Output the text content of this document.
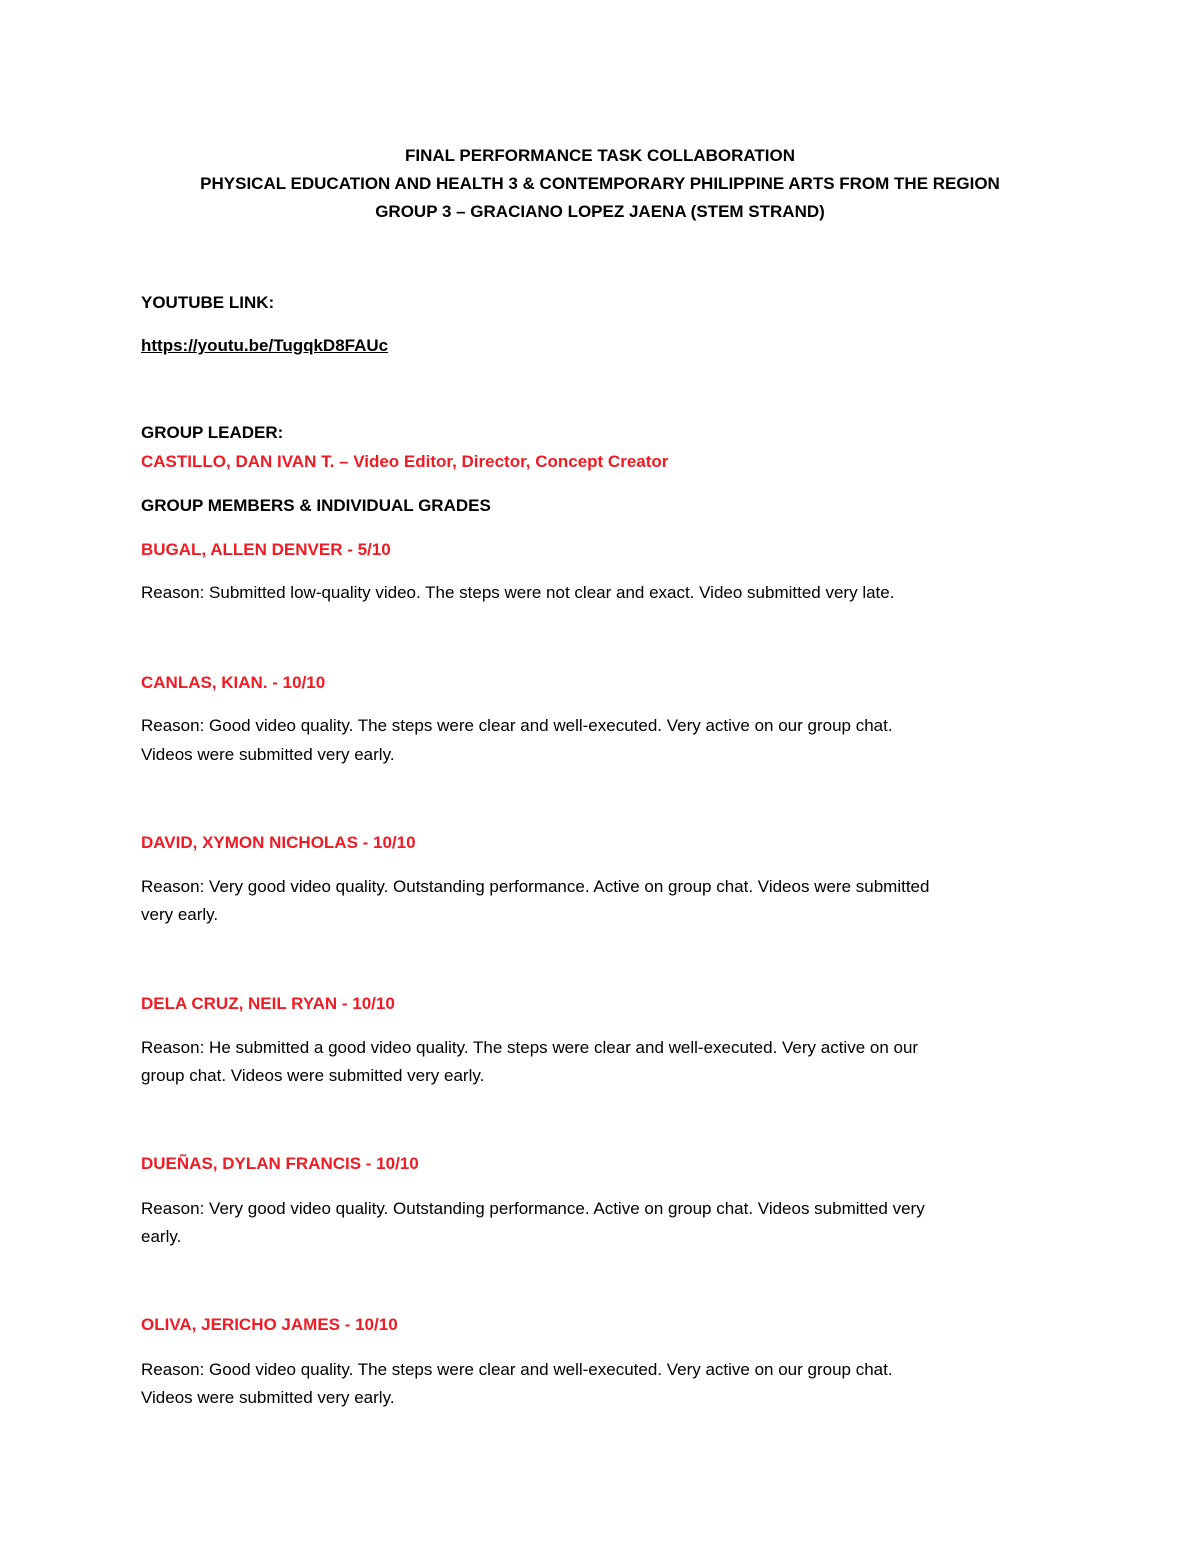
FINAL PERFORMANCE TASK COLLABORATION

PHYSICAL EDUCATION AND HEALTH 3 & CONTEMPORARY PHILIPPINE ARTS FROM THE REGION

GROUP 3 – GRACIANO LOPEZ JAENA (STEM STRAND)

YOUTUBE LINK:

https://youtu.be/TugqkD8FAUc

GROUP LEADER:

CASTILLO, DAN IVAN T. – Video Editor, Director, Concept Creator

GROUP MEMBERS & INDIVIDUAL GRADES

BUGAL, ALLEN DENVER - 5/10

Reason: Submitted low-quality video. The steps were not clear and exact. Video submitted very late.

CANLAS, KIAN. - 10/10

Reason: Good video quality. The steps were clear and well-executed. Very active on our group chat.

Videos were submitted very early.

DAVID, XYMON NICHOLAS - 10/10

Reason: Very good video quality. Outstanding performance. Active on group chat. Videos were submitted

very early.

DELA CRUZ, NEIL RYAN - 10/10

Reason: He submitted a good video quality. The steps were clear and well-executed. Very active on our

group chat. Videos were submitted very early.

DUEÑAS, DYLAN FRANCIS - 10/10

Reason: Very good video quality. Outstanding performance. Active on group chat. Videos submitted very

early.

OLIVA, JERICHO JAMES - 10/10

Reason: Good video quality. The steps were clear and well-executed. Very active on our group chat.

Videos were submitted very early.
